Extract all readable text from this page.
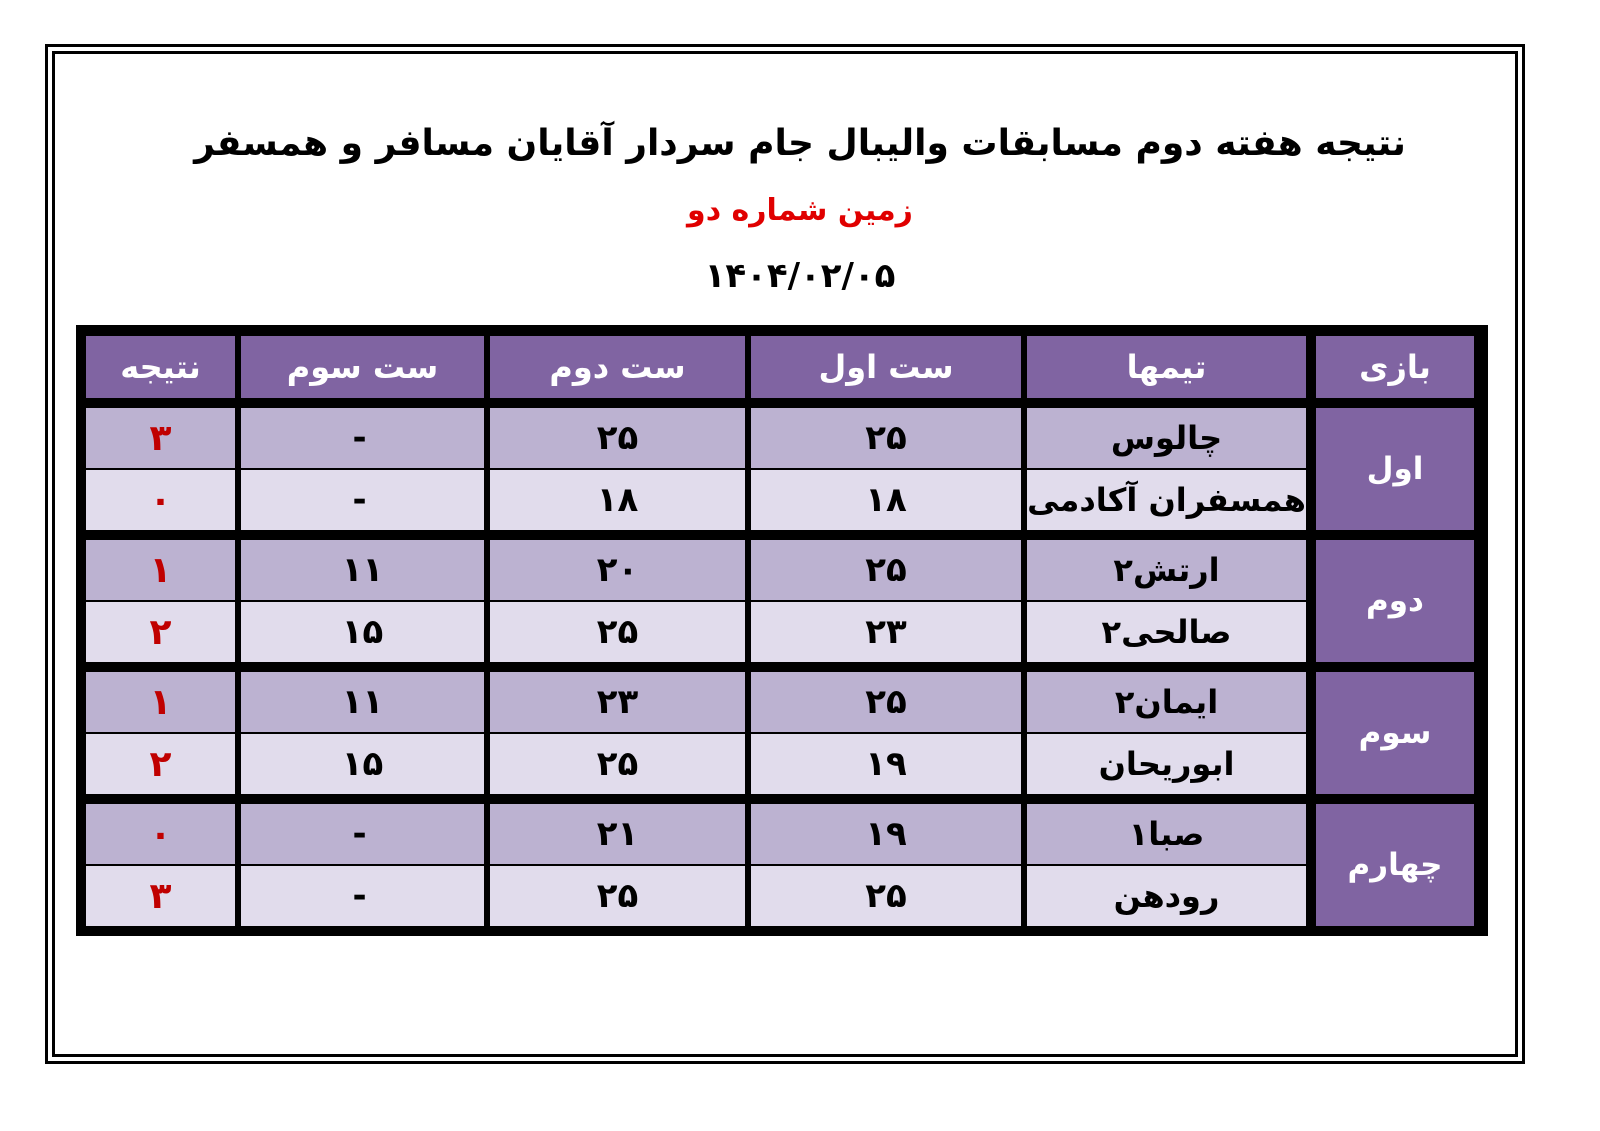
نتیجه هفته دوم مسابقات والیبال جام سردار آقایان مسافر و همسفر
زمین شماره دو
۱۴۰۴/۰۲/۰۵
بازی
تیمها
ست اول
ست دوم
ست سوم
نتیجه
اول
چالوس
۲۵
۲۵
-
۳
همسفران آکادمی
۱۸
۱۸
-
۰
دوم
ارتش۲
۲۵
۲۰
۱۱
۱
صالحی۲
۲۳
۲۵
۱۵
۲
سوم
ایمان۲
۲۵
۲۳
۱۱
۱
ابوریحان
۱۹
۲۵
۱۵
۲
چهارم
صبا۱
۱۹
۲۱
-
۰
رودهن
۲۵
۲۵
-
۳
